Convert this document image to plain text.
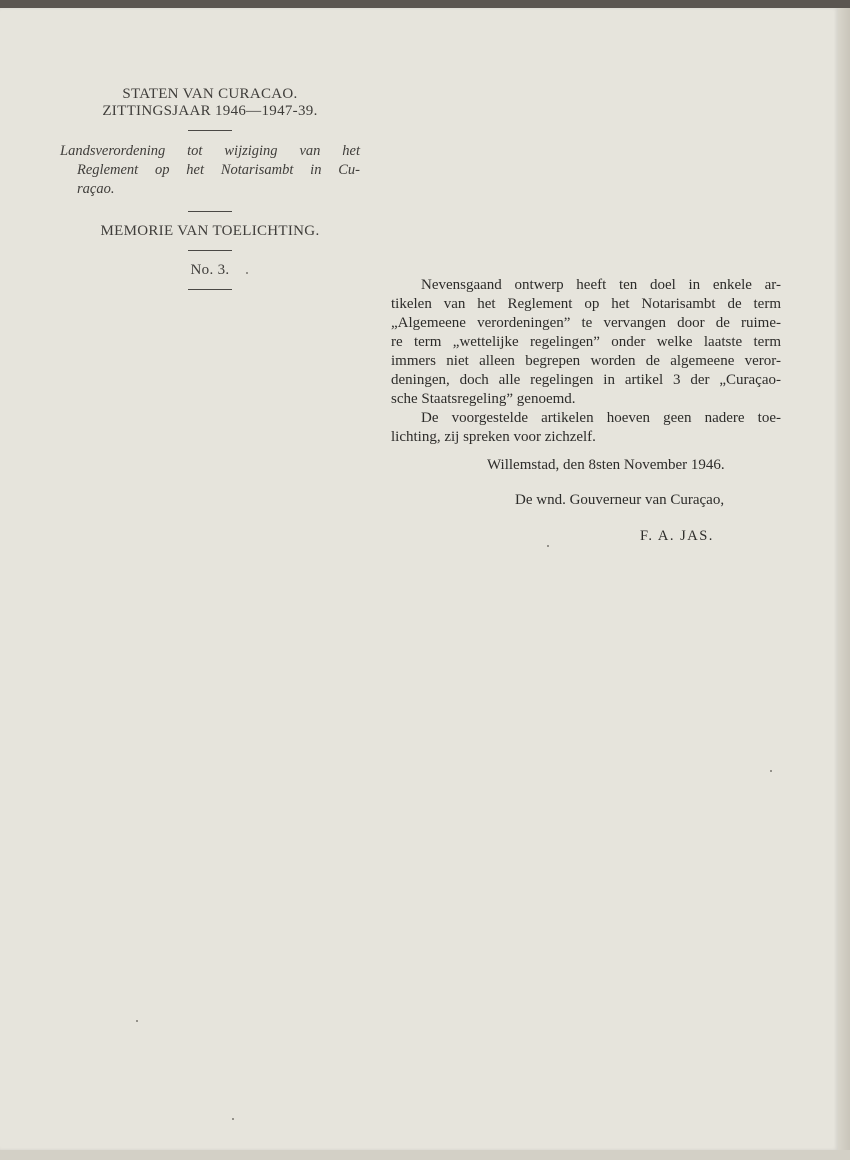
STATEN VAN CURACAO.

ZITTINGSJAAR 1946—1947-39.

Landsverordening tot wijziging van het
Reglement op het Notarisambt in Cu-
raçao.

MEMORIE VAN TOELICHTING.

No. 3.

Nevensgaand ontwerp heeft ten doel in enkele ar-
tikelen van het Reglement op het Notarisambt de term
„Algemeene verordeningen” te vervangen door de ruime-
re term „wettelijke regelingen” onder welke laatste term
immers niet alleen begrepen worden de algemeene veror-
deningen, doch alle regelingen in artikel 3 der „Curaçao-
sche Staatsregeling” genoemd.
De voorgestelde artikelen hoeven geen nadere toe-
lichting, zij spreken voor zichzelf.
Willemstad, den 8sten November 1946.
De wnd. Gouverneur van Curaçao,
F. A. JAS.
